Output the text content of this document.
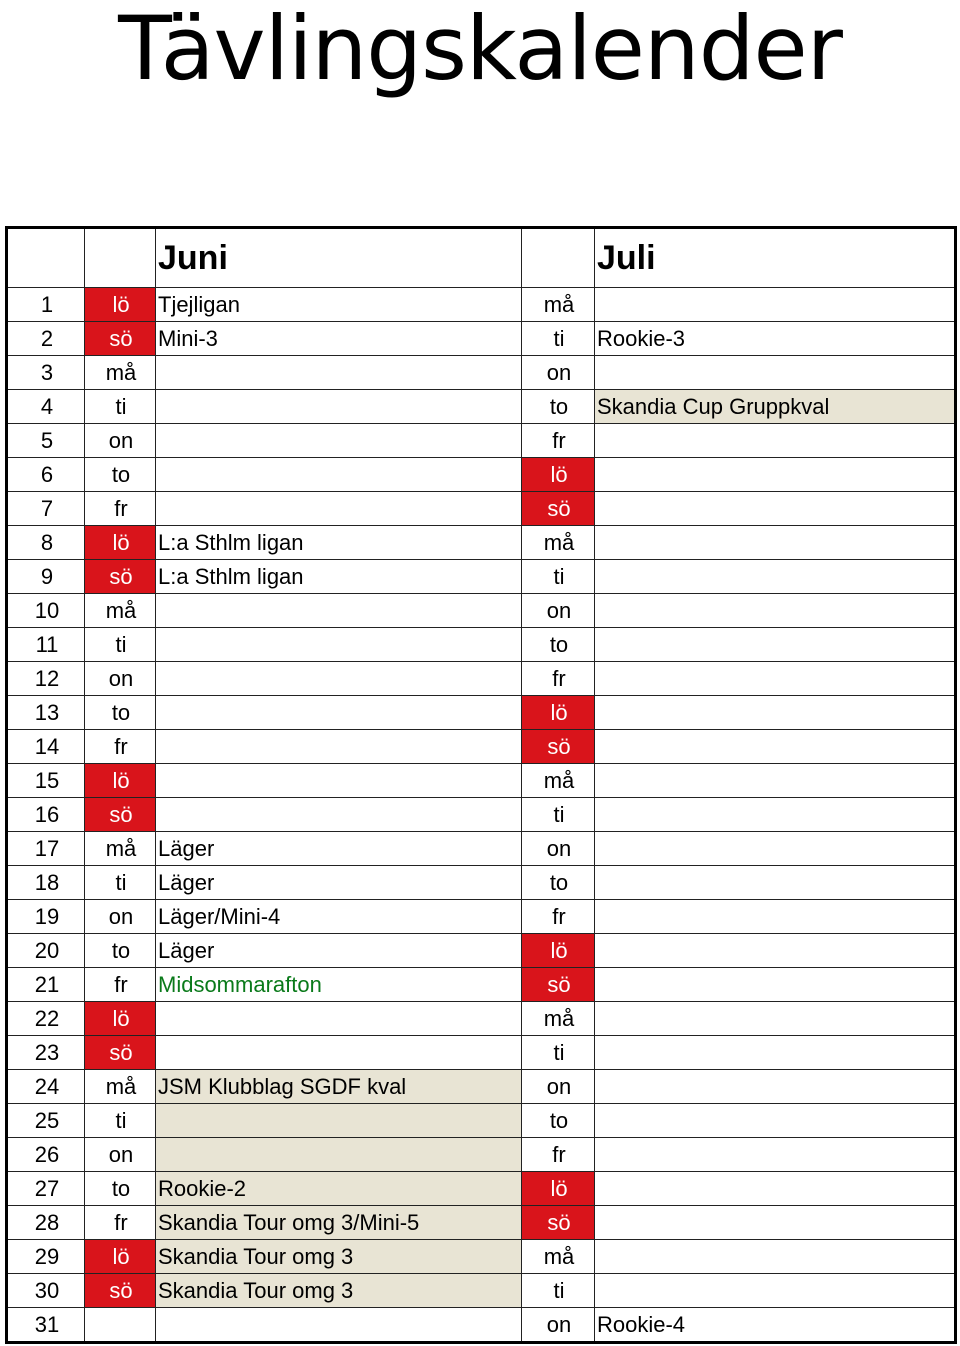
Tävlingskalender
		Juni		Juli
1	lö	Tjejligan	må	
2	sö	Mini-3	ti	Rookie-3
3	må		on	
4	ti		to	Skandia Cup Gruppkval
5	on		fr	
6	to		lö	
7	fr		sö	
8	lö	L:a Sthlm ligan	må	
9	sö	L:a Sthlm ligan	ti	
10	må		on	
11	ti		to	
12	on		fr	
13	to		lö	
14	fr		sö	
15	lö		må	
16	sö		ti	
17	må	Läger	on	
18	ti	Läger	to	
19	on	Läger/Mini-4	fr	
20	to	Läger	lö	
21	fr	Midsommarafton	sö	
22	lö		må	
23	sö		ti	
24	må	JSM Klubblag SGDF kval	on	
25	ti		to	
26	on		fr	
27	to	Rookie-2	lö	
28	fr	Skandia Tour omg 3/Mini-5	sö	
29	lö	Skandia Tour omg 3	må	
30	sö	Skandia Tour omg 3	ti	
31			on	Rookie-4
